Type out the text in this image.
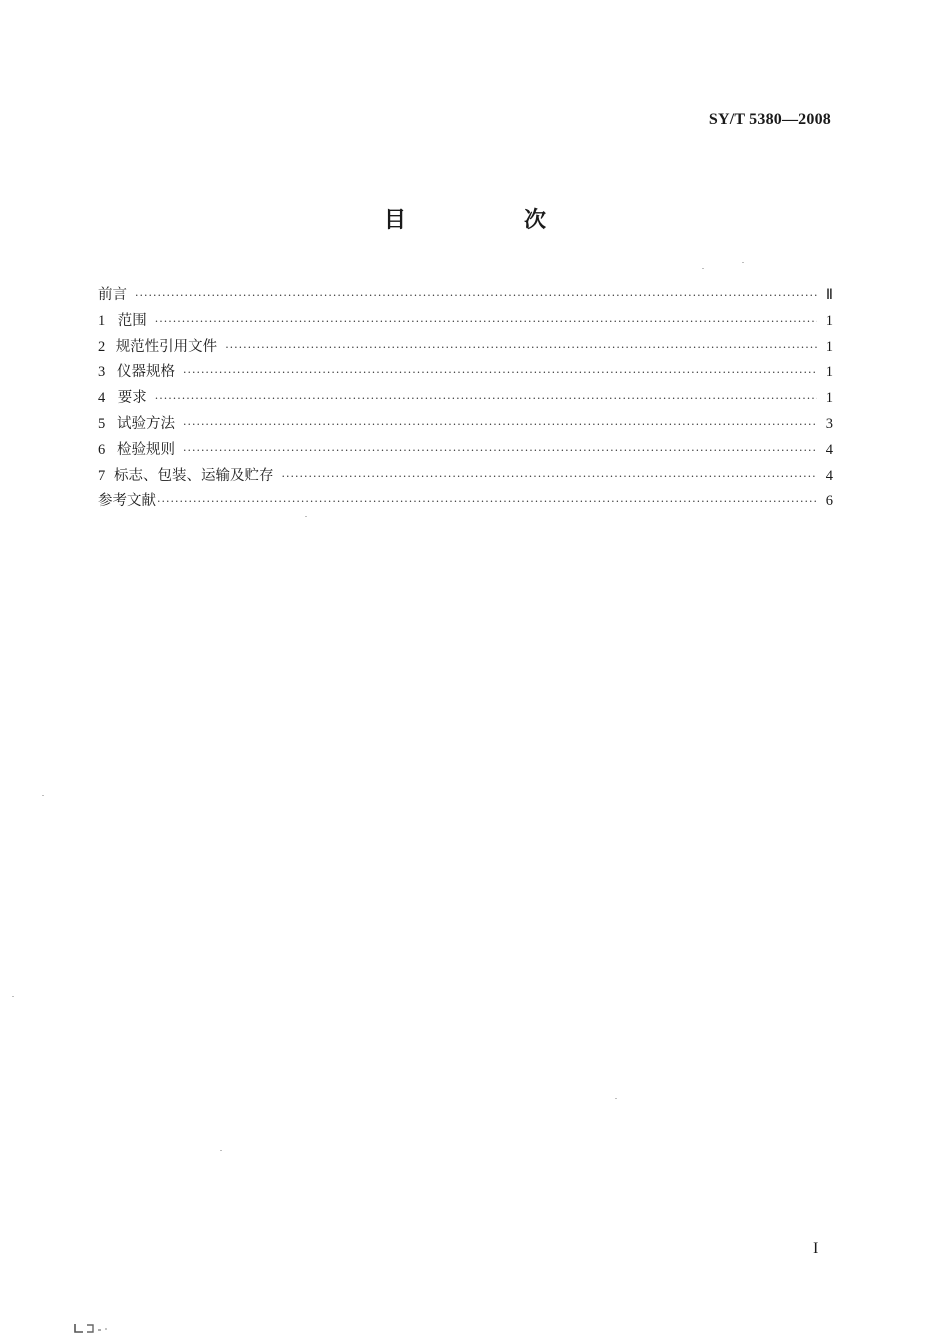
SY/T 5380—2008
目　次
前言 ·····	Ⅱ
1 范围 ·····	1
2 规范性引用文件 ·····	1
3 仪器规格 ·····	1
4 要求 ·····	1
5 试验方法 ·····	3
6 检验规则 ·····	4
7 标志、包装、运输及贮存 ·····	4
参考文献 ·····	6
I
